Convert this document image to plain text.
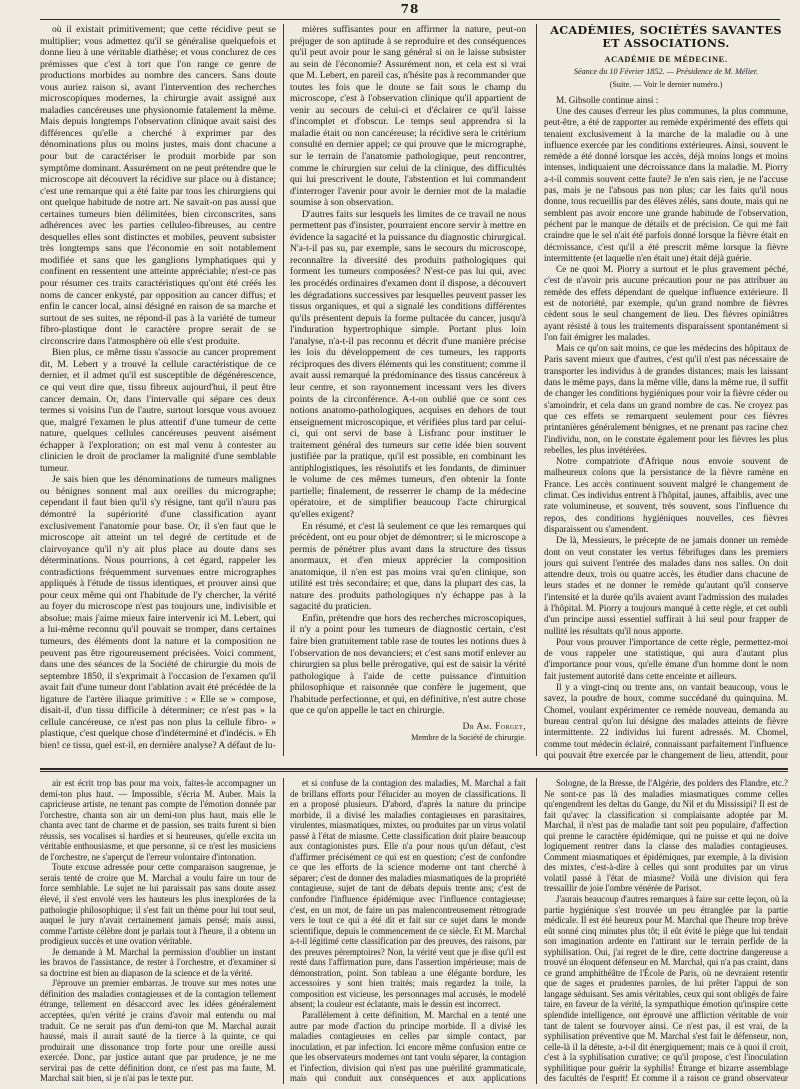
78

où il existait primitivement; que cette récidive peut se multiplier; vous admettez qu'il se généralise quelquefois et donne lieu à une véritable diathèse; et vous conclurez de ces prémisses que c'est à tort que l'on range ce genre de productions morbides au nombre des cancers. Sans doute vous auriez raison si, avant l'intervention des recherches microscopiques modernes, la chirurgie avait assigné aux maladies cancéreuses une physionomie fatalement la même. Mais depuis longtemps l'observation clinique avait saisi des différences qu'elle a cherché à exprimer par des dénominations plus ou moins justes, mais dont chacune a pour but de caractériser le produit morbide par son symptôme dominant. Assurément on ne peut prétendre que le microscope ait découvert la récidive sur place ou à distance; c'est une remarque qui a été faite par tous les chirurgiens qui ont quelque habitude de notre art. Ne savait-on pas aussi que certaines tumeurs bien délimitées, bien circonscrites, sans adhérences avec les parties celluleo-fibreuses, au centre desquelles elles sont distinctes et mobiles, peuvent subsister très longtemps sans que l'économie en soit notablement modifiée et sans que les ganglions lymphatiques qui y confinent en ressentent une atteinte appréciable; n'est-ce pas pour résumer ces traits caractéristiques qu'ont été créés les noms de cancer enkysté, par opposition au cancer diffus; et enfin le cancer local, ainsi désigné en raison de sa marche et surtout de ses suites, ne répond-il pas à la variété de tumeur fibro-plastique dont le caractère propre serait de se circonscrire dans l'atmosphère où elle s'est produite.

Bien plus, ce même tissu s'associe au cancer proprement dit, M. Lebert y a trouvé la cellule caractéristique de ce dernier, et il admet qu'il est susceptible de dégénérescence, ce qui veut dire que, tissu fibreux aujourd'hui, il peut être cancer demain. Or, dans l'intervalle qui sépare ces deux termes si voisins l'un de l'autre, surtout lorsque vous avouez que, malgré l'examen le plus attentif d'une tumeur de cette nature, quelques cellules cancéreuses peuvent aisément échapper à l'exploration; on est mal venu à contester au clinicien le droit de proclamer la malignité d'une semblable tumeur.

Je sais bien que les dénominations de tumeurs malignes ou bénignes sonnent mal aux oreilles du micrographe; cependant il faut bien qu'il s'y résigne, tant qu'il n'aura pas démontré la supériorité d'une classification ayant exclusivement l'anatomie pour base. Or, il s'en faut que le microscope ait atteint un tel degré de certitude et de clairvoyance qu'il n'y ait plus place au doute dans ses déterminations. Nous pourrions, à cet égard, rappeler les contradictions fréquemment survenues entre micrographes appliqués à l'étude de tissus identiques, et prouver ainsi que pour ceux même qui ont l'habitude de l'y chercher, la vérité au foyer du microscope n'est pas toujours une, indivisible et absolue; mais j'aime mieux faire intervenir ici M. Lebert, qui a lui-même reconnu qu'il pouvait se tromper, dans certaines tumeurs, des éléments dont la nature et la composition ne peuvent pas être rigoureusement précisées. Voici comment, dans une des séances de la Société de chirurgie du mois de septembre 1850, il s'exprimait à l'occasion de l'examen qu'il avait fait d'une tumeur dont l'ablation avait été précédée de la ligature de l'artère iliaque primitive : « Elle se » compose, disait-il, d'un tissu difficile à déterminer; ce n'est pas » la cellule cancéreuse, ce n'est pas non plus la cellule fibro- » plastique, c'est quelque chose d'indéterminé et d'indécis. » Eh bien! ce tissu, quel est-il, en dernière analyse? A défaut de lu-

mières suffisantes pour en affirmer la nature, peut-on préjuger de son aptitude à se reproduire et des conséquences qu'il peut avoir pour le sang général si on le laisse subsister au sein de l'économie? Assurément non, et cela est si vrai que M. Lebert, en pareil cas, n'hésite pas à recommander que toutes les fois que le doute se fait sous le champ du microscope, c'est à l'observation clinique qu'il appartient de venir au secours de celui-ci et d'éclairer ce qu'il laisse d'incomplet et d'obscur. Le temps seul apprendra si la maladie était ou non cancéreuse; la récidive sera le critérium consulté en dernier appel; ce qui prouve que le micrographe, sur le terrain de l'anatomie pathologique, peut rencontrer, comme le chirurgien sur celui de la clinique, des difficultés qui lui prescrivent le doute, l'abstention et lui commandent d'interroger l'avenir pour avoir le dernier mot de la maladie soumise à son observation.

D'autres faits sur lesquels les limites de ce travail ne nous permettent pas d'insister, pourraient encore servir à mettre en évidence la sagacité et la puissance du diagnostic chirurgical. N'a-t-il pas su, par exemple, sans le secours du microscope, reconnaître la diversité des produits pathologiques qui forment les tumeurs composées? N'est-ce pas lui qui, avec les procédés ordinaires d'examen dont il dispose, a découvert les dégradations successives par lesquelles peuvent passer les tissus organiques, et qui a signalé les conditions différentes qu'ils présentent depuis la forme pultacée du cancer, jusqu'à l'induration hypertrophique simple. Portant plus loin l'analyse, n'a-t-il pas reconnu et décrit d'une manière précise les lois du développement de ces tumeurs, les rapports réciproques des divers éléments qui les constituent; comme il avait aussi remarqué la prédominance des tissus cancéreux à leur centre, et son rayonnement incessant vers les divers points de la circonférence. A-t-on oublié que ce sont ces notions anatomo-pathologiques, acquises en dehors de tout enseignement microscopique, et vérifiées plus tard par celui-ci, qui ont servi de base à Lisfranc pour instituer le traitement général des tumeurs sur cette idée bien souvent justifiée par la pratique, qu'il est possible, en combinant les antiphlogistiques, les résolutifs et les fondants, de diminuer le volume de ces mêmes tumeurs, d'en obtenir la fonte partielle; finalement, de resserrer le champ de la médecine opératoire, et de simplifier beaucoup l'acte chirurgical qu'elles exigent?

En résumé, et c'est là seulement ce que les remarques qui précèdent, ont eu pour objet de démontrer; si le microscope a permis de pénétrer plus avant dans la structure des tissus anormaux, et d'en mieux apprécier la composition anatomique, il n'en est pas moins vrai qu'en clinique, son utilité est très secondaire; et que, dans la plupart des cas, la nature des produits pathologiques n'y échappe pas à la sagacité du praticien.

Enfin, prétendre que hors des recherches microscopiques, il n'y a point pour les tumeurs de diagnostic certain, c'est faire bien gratuitement table rase de toutes les notions dues à l'observation de nos devanciers; et c'est sans motif enlever au chirurgien sa plus belle prérogative, qui est de saisir la vérité pathologique à l'aide de cette puissance d'intuition philosophique et raisonnée que confère le jugement, que l'habitude perfectionne, et qui, en définitive, n'est autre chose que ce qu'on appelle le tact en chirurgie.

Dr Am. Forget,
Membre de la Société de chirurgie.
ACADÉMIES, SOCIÉTÉS SAVANTES ET ASSOCIATIONS.
ACADÉMIE DE MÉDECINE.
Séance du 10 Février 1852. — Présidence de M. Mélier.
(Suite. — Voir le dernier numéro.)

M. Gibsolle continue ainsi :

Une des causes d'erreur les plus communes, la plus commune, peut-être, a été de rapporter au remède expérimenté des effets qui tenaient exclusivement à la marche de la maladie ou à une influence exercée par les conditions extérieures. Ainsi, souvent le remède a été donné lorsque les accès, déjà moins longs et moins intenses, indiquaient une décroissance dans la maladie. M. Piorry a-t-il commis souvent cette faute? Je n'en sais rien, je ne l'accuse pas, mais je ne l'absous pas non plus; car les faits qu'il nous donne, tous recueillis par des élèves zélés, sans doute, mais qui ne semblent pas avoir encore une grande habitude de l'observation, péchent par le manque de détails et de précision. Ce qui me fait craindre que le sel n'ait été parfois donné lorsque la fièvre était en décroissance, c'est qu'il a été prescrit même lorsque la fièvre intermittente (et laquelle n'en était une) était déjà guérie.

Ce ne quoi M. Piorry a surtout et le plus gravement péché, c'est de n'avoir pris aucune précaution pour ne pas attribuer au remède des effets dépendant de quelque influence extérieure. Il est de notoriété, par exemple, qu'un grand nombre de fièvres cèdent sous le seul changement de lieu. Des fièvres opiniâtres ayant résisté à tous les traitements disparaissent spontanément si l'on fait émigrer les malades.

Mais ce qu'on sait moins, ce que les médecins des hôpitaux de Paris savent mieux que d'autres, c'est qu'il n'est pas nécessaire de transporter les individus à de grandes distances; mais les laissant dans le même pays, dans la même ville, dans la même rue, il suffit de changer les conditions hygiéniques pour voir la fièvre céder ou s'amoindrir, et cela dans un grand nombre de cas. Ne croyez pas que ces effets se remarquent seulement pour ces fièvres printanières généralement bénignes, et ne prenant pas racine chez l'individu, non, on le constate également pour les fièvres les plus rebelles, les plus invétérées.

Notre compatriote d'Afrique nous envoie souvent de malheureux colons que la persistance de la fièvre ramène en France. Les accès continuent souvent malgré le changement de climat. Ces individus entrent à l'hôpital, jaunes, affaiblis, avec une rate volumineuse, et souvent, très souvent, sous l'influence du repos, des conditions hygiéniques nouvelles, ces fièvres disparaissent ou s'amendent.

De là, Messieurs, le précepte de ne jamais donner un remède dont on veut constater les vertus fébrifuges dans les premiers jours qui suivent l'entrée des malades dans nos salles. On doit attendre deux, trois ou quatre accès, les étudier dans chacune de leurs stades et ne donner le remède qu'autant qu'il conserve l'intensité et la durée qu'ils avaient avant l'admission des malades à l'hôpital. M. Piorry a toujours manqué à cette règle, et cet oubli d'un principe aussi essentiel suffirait à lui seul pour frapper de nullité les résultats qu'il nous apporte.

Pour vous prouver l'importance de cette règle, permettez-moi de vous rappeler une statistique, qui aura d'autant plus d'importance pour vous, qu'elle émane d'un homme dont le nom fait justement autorité dans cette enceinte et ailleurs.

Il y a vingt-cinq ou trente ans, on vantait beaucoup, vous le savez, la poudre de houx, comme succédané du quinquina. M. Chomel, voulant expérimenter ce remède nouveau, demanda au bureau central qu'on lui désigne des malades atteints de fièvre intermittente. 22 individus lui furent adressés. M. Chomel, comme tout médecin éclairé, connaissant parfaitement l'influence qui pouvait être exercée par le changement de lieu, attendit, pour

air est écrit trop bas pour ma voix, faites-le accompagner un demi-ton plus haut. — Impossible, s'écria M. Auber. Mais la capricieuse artiste, ne tenant pas compte de l'émotion donnée par l'orchestre, chanta son air un demi-ton plus haut, mais elle le chanta avec tant de charme et de passion, ses traits furent si bien réussis, ses vocalises si hardies et si heureuses, qu'elle excita un véritable enthousiasme, et que personne, si ce n'est les musiciens de l'orchestre, ne s'aperçut de l'erreur volontaire d'intonation.

Toute excuse adressée pour cette comparaison saugrenue, je serais tenté de croire que M. Marchal a voulu faire un tour de force semblable. Le sujet ne lui paraissait pas sans doute assez élevé, il s'est envolé vers les hauteurs les plus inexplorées de la pathologie philosophique; il s'est fait un thème pour lui tout seul, auquel le jury n'avait certainement jamais pensé; mais aussi, comme l'artiste célèbre dont je parlais tout à l'heure, il a obtenu un prodigieux succès et une ovation véritable.

Je demande à M. Marchal la permission d'oublier un instant les bravos de l'assistance, de rester à l'orchestre, et d'examiner si sa doctrine est bien au diapason de la science et de la vérité.

J'éprouve un premier embarras. Je trouve sur mes notes une définition des maladies contagieuses et de la contagion tellement étrange, tellement en désaccord avec les idées généralement acceptées, qu'en vérité je crains d'avoir mal entendu ou mal traduit. Ce ne serait pas d'un demi-ton que M. Marchal aurait haussé, mais il aurait sauté de la tierce à la quinte, ce qui produirait une dissonance trop forte pour une oreille aussi exercée. Donc, par justice autant que par prudence, je ne me servirai pas de cette définition dont, ce n'est pas ma faute, M. Marchal sait bien, si je n'ai pas le texte pur.

et si confuse de la contagion des maladies, M. Marchal a fait de brillans efforts pour l'élucider au moyen de classifications. Il en a proposé plusieurs. D'abord, d'après la nature du principe morbide, il a divisé les maladies contagieuses en parasitaires, virulentes, miasmatiques, mixtes, ou produites par un virus volatil passé à l'état de miasme. Cette classification doit plaire beaucoup aux contagionistes purs. Elle n'a pour nous qu'un défaut, c'est d'affirmer précisément ce qui est en question; c'est de confondre ce que les efforts de la science moderne ont tant cherché à séparer; c'est de donner des maladies miasmatiques de la propriété contagieuse, sujet de tant de débats depuis trente ans; c'est de confondre l'influence épidémique avec l'influence contagieuse; c'est, en un mot, de faire un pas malencontreusement rétrograde vers le tout ce qui a été dit et fait sur ce sujet dans le monde scientifique, depuis le commencement de ce siècle. Et M. Marchal a-t-il légitimé cette classification par des preuves, des raisons, par des preuves péremptoires? Non, la vérité veut que je dise qu'il est resté dans l'affirmation pure, dans l'assertion impérieuse; mais de démonstration, point. Son tableau a une élégante bordure, les accessoires y sont bien traités; mais regardez la toile, la composition est vicieuse, les personnages mal accusés, le modelé absent; la couleur est éclatante, mais le dessin est incorrect.

Parallèlement à cette définition, M. Marchal en a tenté une autre par mode d'action du principe morbide. Il a divisé les maladies contagieuses en celles par simple contact, par inoculation, et par infection. Ici encore même confusion entre ce que les observateurs modernes ont tant voulu séparer, la contagion et l'infection, division qui n'est pas une puérilité grammaticale, mais qui conduit aux conséquences et aux applications

Sologne, de la Bresse, de l'Algérie, des polders des Flandre, etc.? Ne sont-ce pas là des maladies miasmatiques comme celles qu'engendrent les deltas du Gange, du Nil et du Mississipi? Il est de fait qu'avec la classification si complaisante adoptée par M. Marchal, il n'est pas de maladie tant soit peu populaire, d'affection qui prenne le caractère épidémique, qui ne puisse et qui ne doive logiquement rentrer dans la classe des maladies contagieuses. Comment miasmatiques et épidémiques, par exemple, à la division des mixtes, c'est-à-dire à celles qui sont produites par un virus volatil passé à l'état de miasme? Voilà une division qui fera tressaillir de joie l'ombre vénérée de Parisot.

J'aurais beaucoup d'autres remarques à faire sur cette leçon, où la partie hygiénique s'est trouvée un peu étranglée par la partie médicale. Il est été heureux pour M. Marchal que l'heure trop brève eût sonné cinq minutes plus tôt; il eût évité le piège que lui tendait son imagination ardente en l'attirant sur le terrain perfide de la syphilisation. Oui, j'ai regret de le dire, cette doctrine dangereuse a trouvé un éloquent défenseur en M. Marchal, qui n'a pas craint, dans ce grand amphithéâtre de l'École de Paris, où ne devraient retentir que de sages et prudentes paroles, de lui prêter l'appui de son langage séduisant. Ses amis véritables, ceux qui sont obligés de faire taire, en faveur de la vérité, la sympathique émotion qu'inspire cette splendide intelligence, ont éprouvé une affliction véritable de voir tant de talent se fourvoyer ainsi. Ce n'est pas, il est vrai, de la syphilisation préventive que M. Marchal s'est fait le défenseur, non, celle-là il la déteste, a-t-il dit énergiquement; mais ce à quoi il croit, c'est à la syphilisation curative; ce qu'il propose, c'est l'inoculation syphilitique pour guérir la syphilis! Étrange et bizarre assemblage des facultés de l'esprit! Et comme il a raison ce grand observateur
